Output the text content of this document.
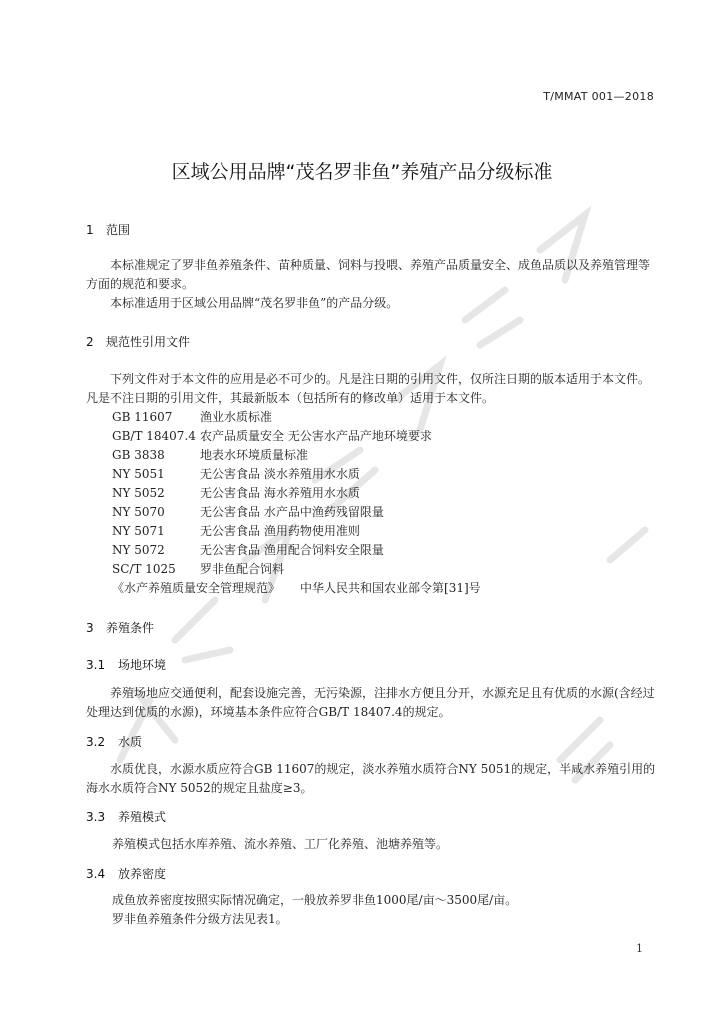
T/MMAT 001—2018
区域公用品牌“茂名罗非鱼”养殖产品分级标准
1 范围
本标准规定了罗非鱼养殖条件、苗种质量、饲料与投喂、养殖产品质量安全、成鱼品质以及养殖管理等方面的规范和要求。
本标准适用于区域公用品牌“茂名罗非鱼”的产品分级。
2 规范性引用文件
下列文件对于本文件的应用是必不可少的。凡是注日期的引用文件，仅所注日期的版本适用于本文件。凡是不注日期的引用文件，其最新版本（包括所有的修改单）适用于本文件。
GB 11607 渔业水质标准
GB/T 18407.4 农产品质量安全 无公害水产品产地环境要求
GB 3838	地表水环境质量标准
NY 5051	无公害食品 淡水养殖用水水质
NY 5052	无公害食品 海水养殖用水水质
NY 5070	无公害食品 水产品中渔药残留限量
NY 5071	无公害食品 渔用药物使用准则
NY 5072	无公害食品 渔用配合饲料安全限量
SC/T 1025 罗非鱼配合饲料
《水产养殖质量安全管理规范》 中华人民共和国农业部令第[31]号
3 养殖条件
3.1 场地环境
养殖场地应交通便利，配套设施完善，无污染源，注排水方便且分开，水源充足且有优质的水源(含经过处理达到优质的水源)，环境基本条件应符合GB/T 18407.4的规定。
3.2 水质
水质优良，水源水质应符合GB 11607的规定，淡水养殖水质符合NY 5051的规定，半咸水养殖引用的海水水质符合NY 5052的规定且盐度≥3。
3.3 养殖模式
养殖模式包括水库养殖、流水养殖、工厂化养殖、池塘养殖等。
3.4 放养密度
成鱼放养密度按照实际情况确定，一般放养罗非鱼1000尾/亩～3500尾/亩。
罗非鱼养殖条件分级方法见表1。
1
